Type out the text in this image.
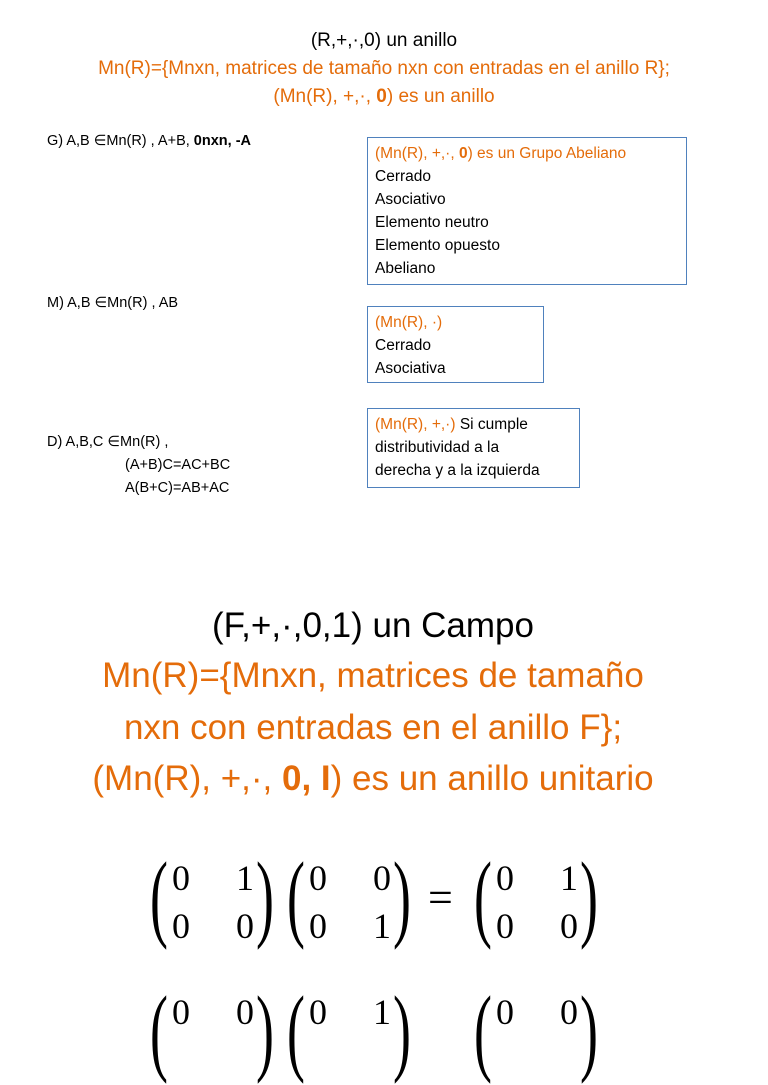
(R,+,·,0) un anillo
Mn(R)={Mnxn, matrices de tamaño nxn con entradas en el anillo R};
(Mn(R), +,·, 0) es un anillo
G) A,B ∈Mn(R) , A+B, 0nxn, -A
(Mn(R), +,·, 0) es un Grupo Abeliano
Cerrado
Asociativo
Elemento neutro
Elemento opuesto
Abeliano
M) A,B ∈Mn(R) , AB
(Mn(R), ·)
Cerrado
Asociativa
D) A,B,C ∈Mn(R) ,
(A+B)C=AC+BC
A(B+C)=AB+AC
(Mn(R), +,·) Si cumple
distributividad a la
derecha y a la izquierda
(F,+,·,0,1) un Campo
Mn(R)={Mnxn, matrices de tamaño
nxn con entradas en el anillo F};
(Mn(R), +,·, 0, I) es un anillo unitario
( 0 1
0 0 ) ( 0 0
0 1 ) = ( 0 1
0 0 )
( 0 0 ) ( 0 1 ) ( 0 0 )
